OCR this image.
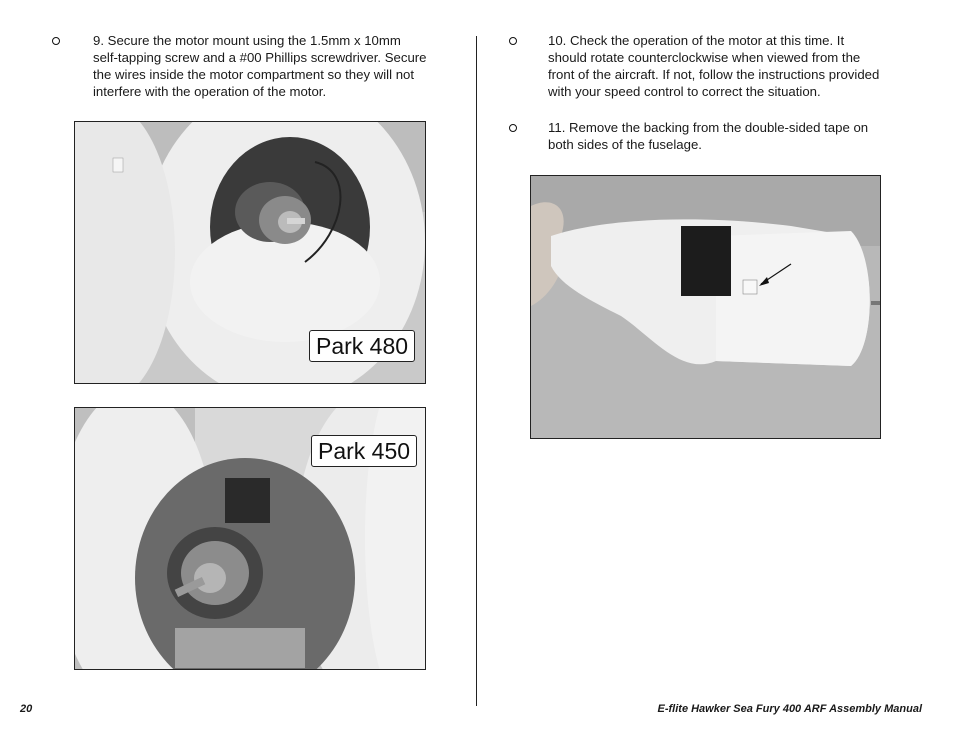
9. Secure the motor mount using the 1.5mm x 10mm
self-tapping screw and a #00 Phillips screwdriver. Secure
the wires inside the motor compartment so they will not
interfere with the operation of the motor.
Park 480
Park 450
10. Check the operation of the motor at this time. It
should rotate counterclockwise when viewed from the
front of the aircraft. If not, follow the instructions provided
with your speed control to correct the situation.
11. Remove the backing from the double-sided tape on
both sides of the fuselage.
20	E-flite Hawker Sea Fury 400 ARF Assembly Manual
